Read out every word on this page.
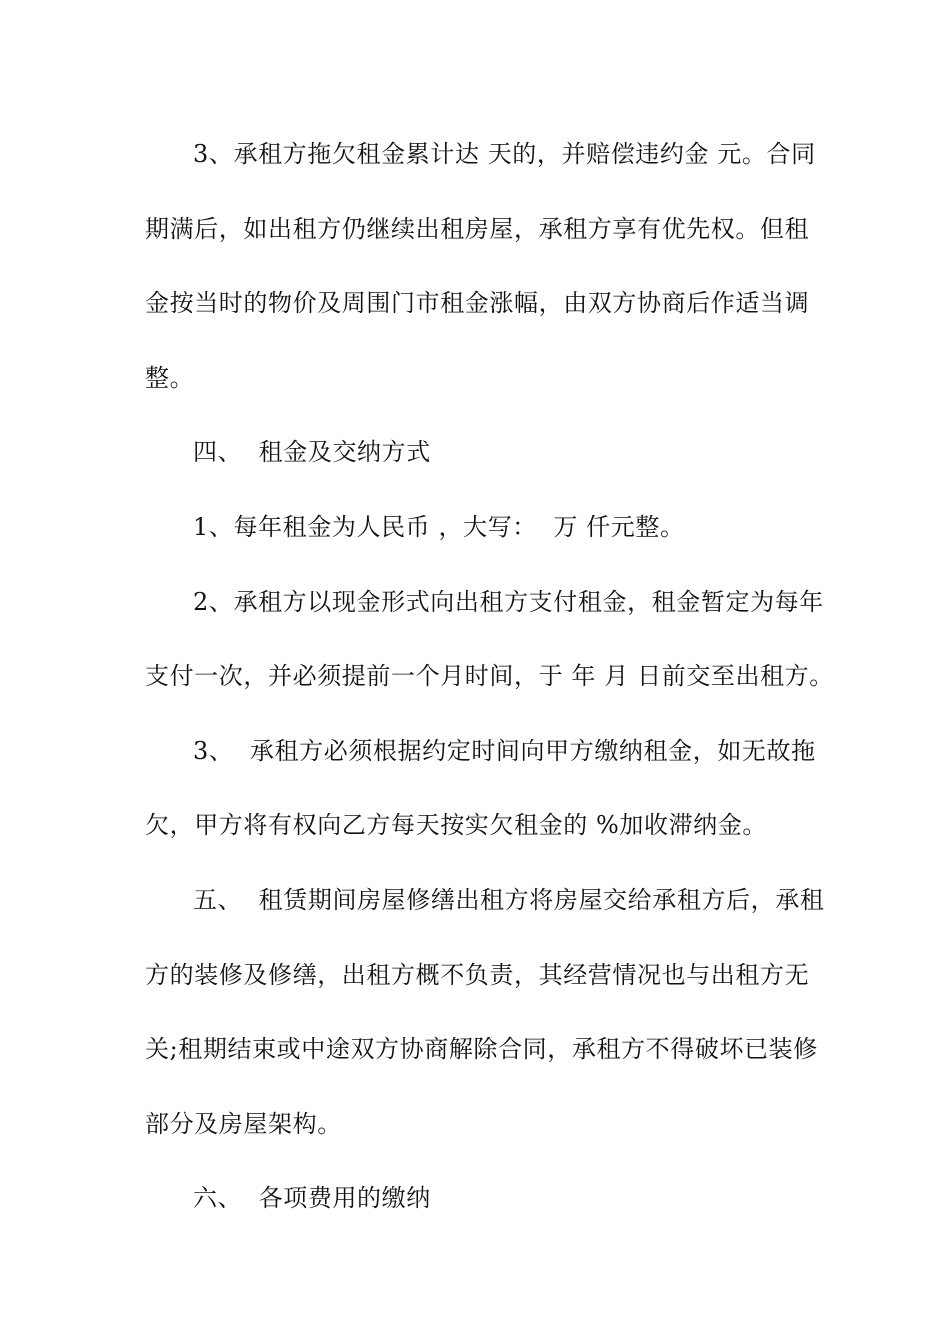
3、承租方拖欠租金累计达 天的，并赔偿违约金 元。合同
期满后，如出租方仍继续出租房屋，承租方享有优先权。但租
金按当时的物价及周围门市租金涨幅，由双方协商后作适当调
整。
四、  租金及交纳方式
1、每年租金为人民币 ，大写：  万 仟元整。
2、承租方以现金形式向出租方支付租金，租金暂定为每年
支付一次，并必须提前一个月时间，于 年 月 日前交至出租方。
3、  承租方必须根据约定时间向甲方缴纳租金，如无故拖
欠，甲方将有权向乙方每天按实欠租金的 %加收滞纳金。
五、  租赁期间房屋修缮出租方将房屋交给承租方后，承租
方的装修及修缮，出租方概不负责，其经营情况也与出租方无
关;租期结束或中途双方协商解除合同，承租方不得破坏已装修
部分及房屋架构。
六、  各项费用的缴纳
